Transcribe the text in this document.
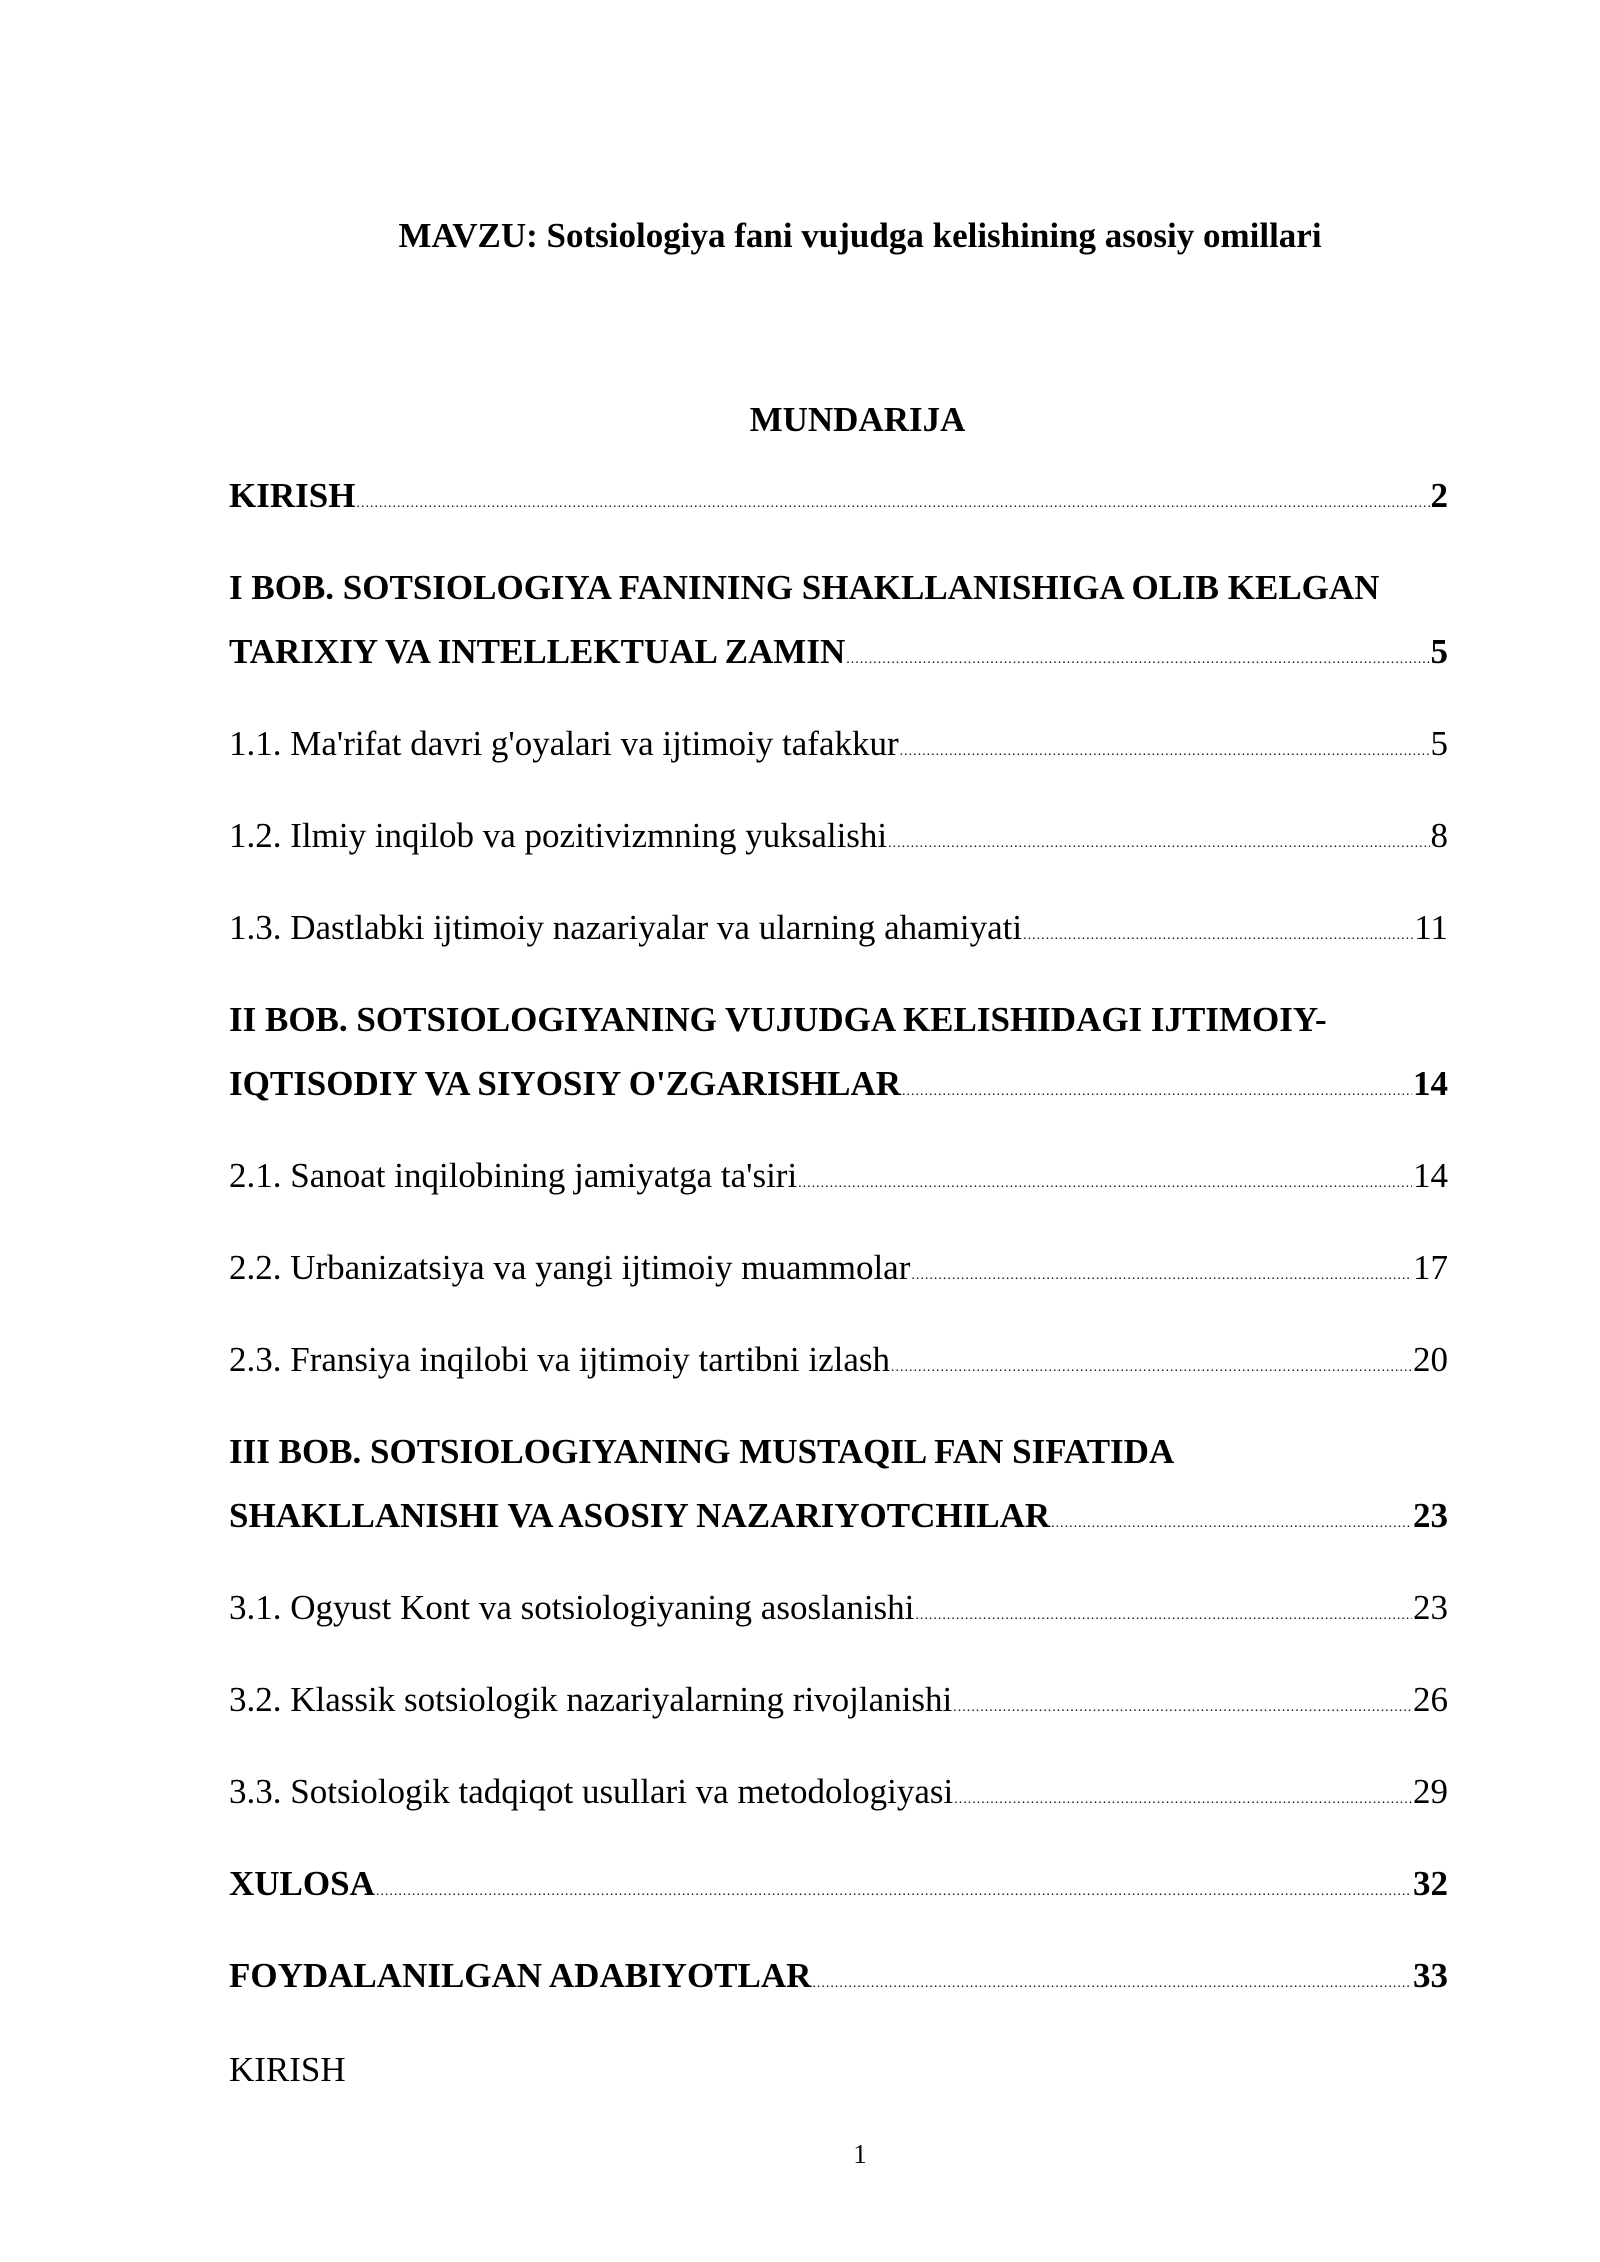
MAVZU: Sotsiologiya fani vujudga kelishining asosiy omillari
MUNDARIJA
KIRISH .....	2
I BOB. SOTSIOLOGIYA FANINING SHAKLLANISHIGA OLIB KELGAN
TARIXIY VA INTELLEKTUAL ZAMIN .....	5
1.1. Ma'rifat davri g'oyalari va ijtimoiy tafakkur .....	5
1.2. Ilmiy inqilob va pozitivizmning yuksalishi .....	8
1.3. Dastlabki ijtimoiy nazariyalar va ularning ahamiyati .....	11
II BOB. SOTSIOLOGIYANING VUJUDGA KELISHIDAGI IJTIMOIY-
IQTISODIY VA SIYOSIY O'ZGARISHLAR .....	14
2.1. Sanoat inqilobining jamiyatga ta'siri .....	14
2.2. Urbanizatsiya va yangi ijtimoiy muammolar .....	17
2.3. Fransiya inqilobi va ijtimoiy tartibni izlash .....	20
III BOB. SOTSIOLOGIYANING MUSTAQIL FAN SIFATIDA
SHAKLLANISHI VA ASOSIY NAZARIYOTCHILAR .....	23
3.1. Ogyust Kont va sotsiologiyaning asoslanishi .....	23
3.2. Klassik sotsiologik nazariyalarning rivojlanishi .....	26
3.3. Sotsiologik tadqiqot usullari va metodologiyasi .....	29
XULOSA .....	32
FOYDALANILGAN ADABIYOTLAR .....	33
KIRISH
1
